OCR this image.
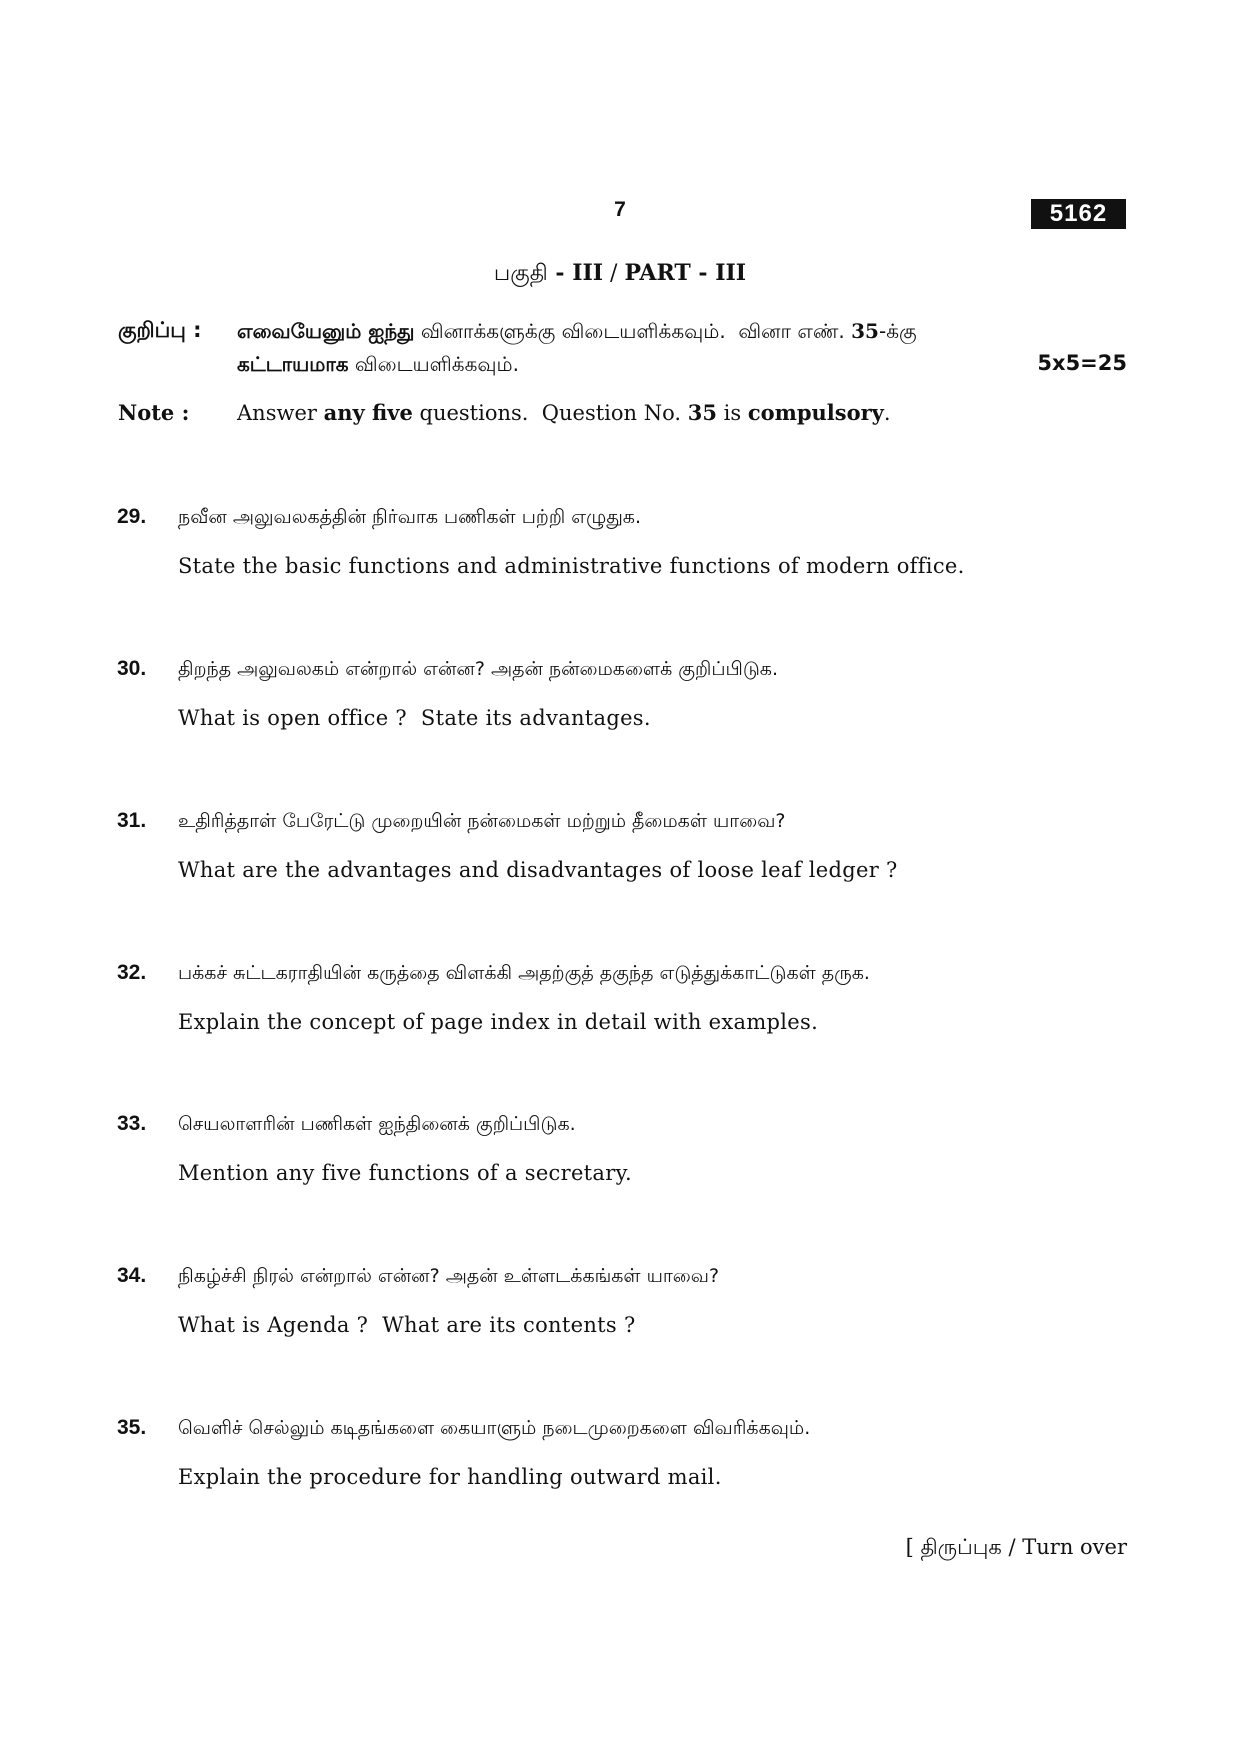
7	5162
பகுதி - III / PART - III
குறிப்பு : எவையேனும் ஐந்து வினாக்களுக்கு விடையளிக்கவும்.  வினா எண். 35-க்கு
கட்டாயமாக விடையளிக்கவும்.	5x5=25
Note : Answer any five questions.  Question No. 35 is compulsory.
29. நவீன அலுவலகத்தின் நிர்வாக பணிகள் பற்றி எழுதுக.
State the basic functions and administrative functions of modern office.
30. திறந்த அலுவலகம் என்றால் என்ன? அதன் நன்மைகளைக் குறிப்பிடுக.
What is open office ?  State its advantages.
31. உதிரித்தாள் பேரேட்டு முறையின் நன்மைகள் மற்றும் தீமைகள் யாவை?
What are the advantages and disadvantages of loose leaf ledger ?
32. பக்கச் சுட்டகராதியின் கருத்தை விளக்கி அதற்குத் தகுந்த எடுத்துக்காட்டுகள் தருக.
Explain the concept of page index in detail with examples.
33. செயலாளரின் பணிகள் ஐந்தினைக் குறிப்பிடுக.
Mention any five functions of a secretary.
34. நிகழ்ச்சி நிரல் என்றால் என்ன? அதன் உள்ளடக்கங்கள் யாவை?
What is Agenda ?  What are its contents ?
35. வெளிச் செல்லும் கடிதங்களை கையாளும் நடைமுறைகளை விவரிக்கவும்.
Explain the procedure for handling outward mail.
[ திருப்புக / Turn over
